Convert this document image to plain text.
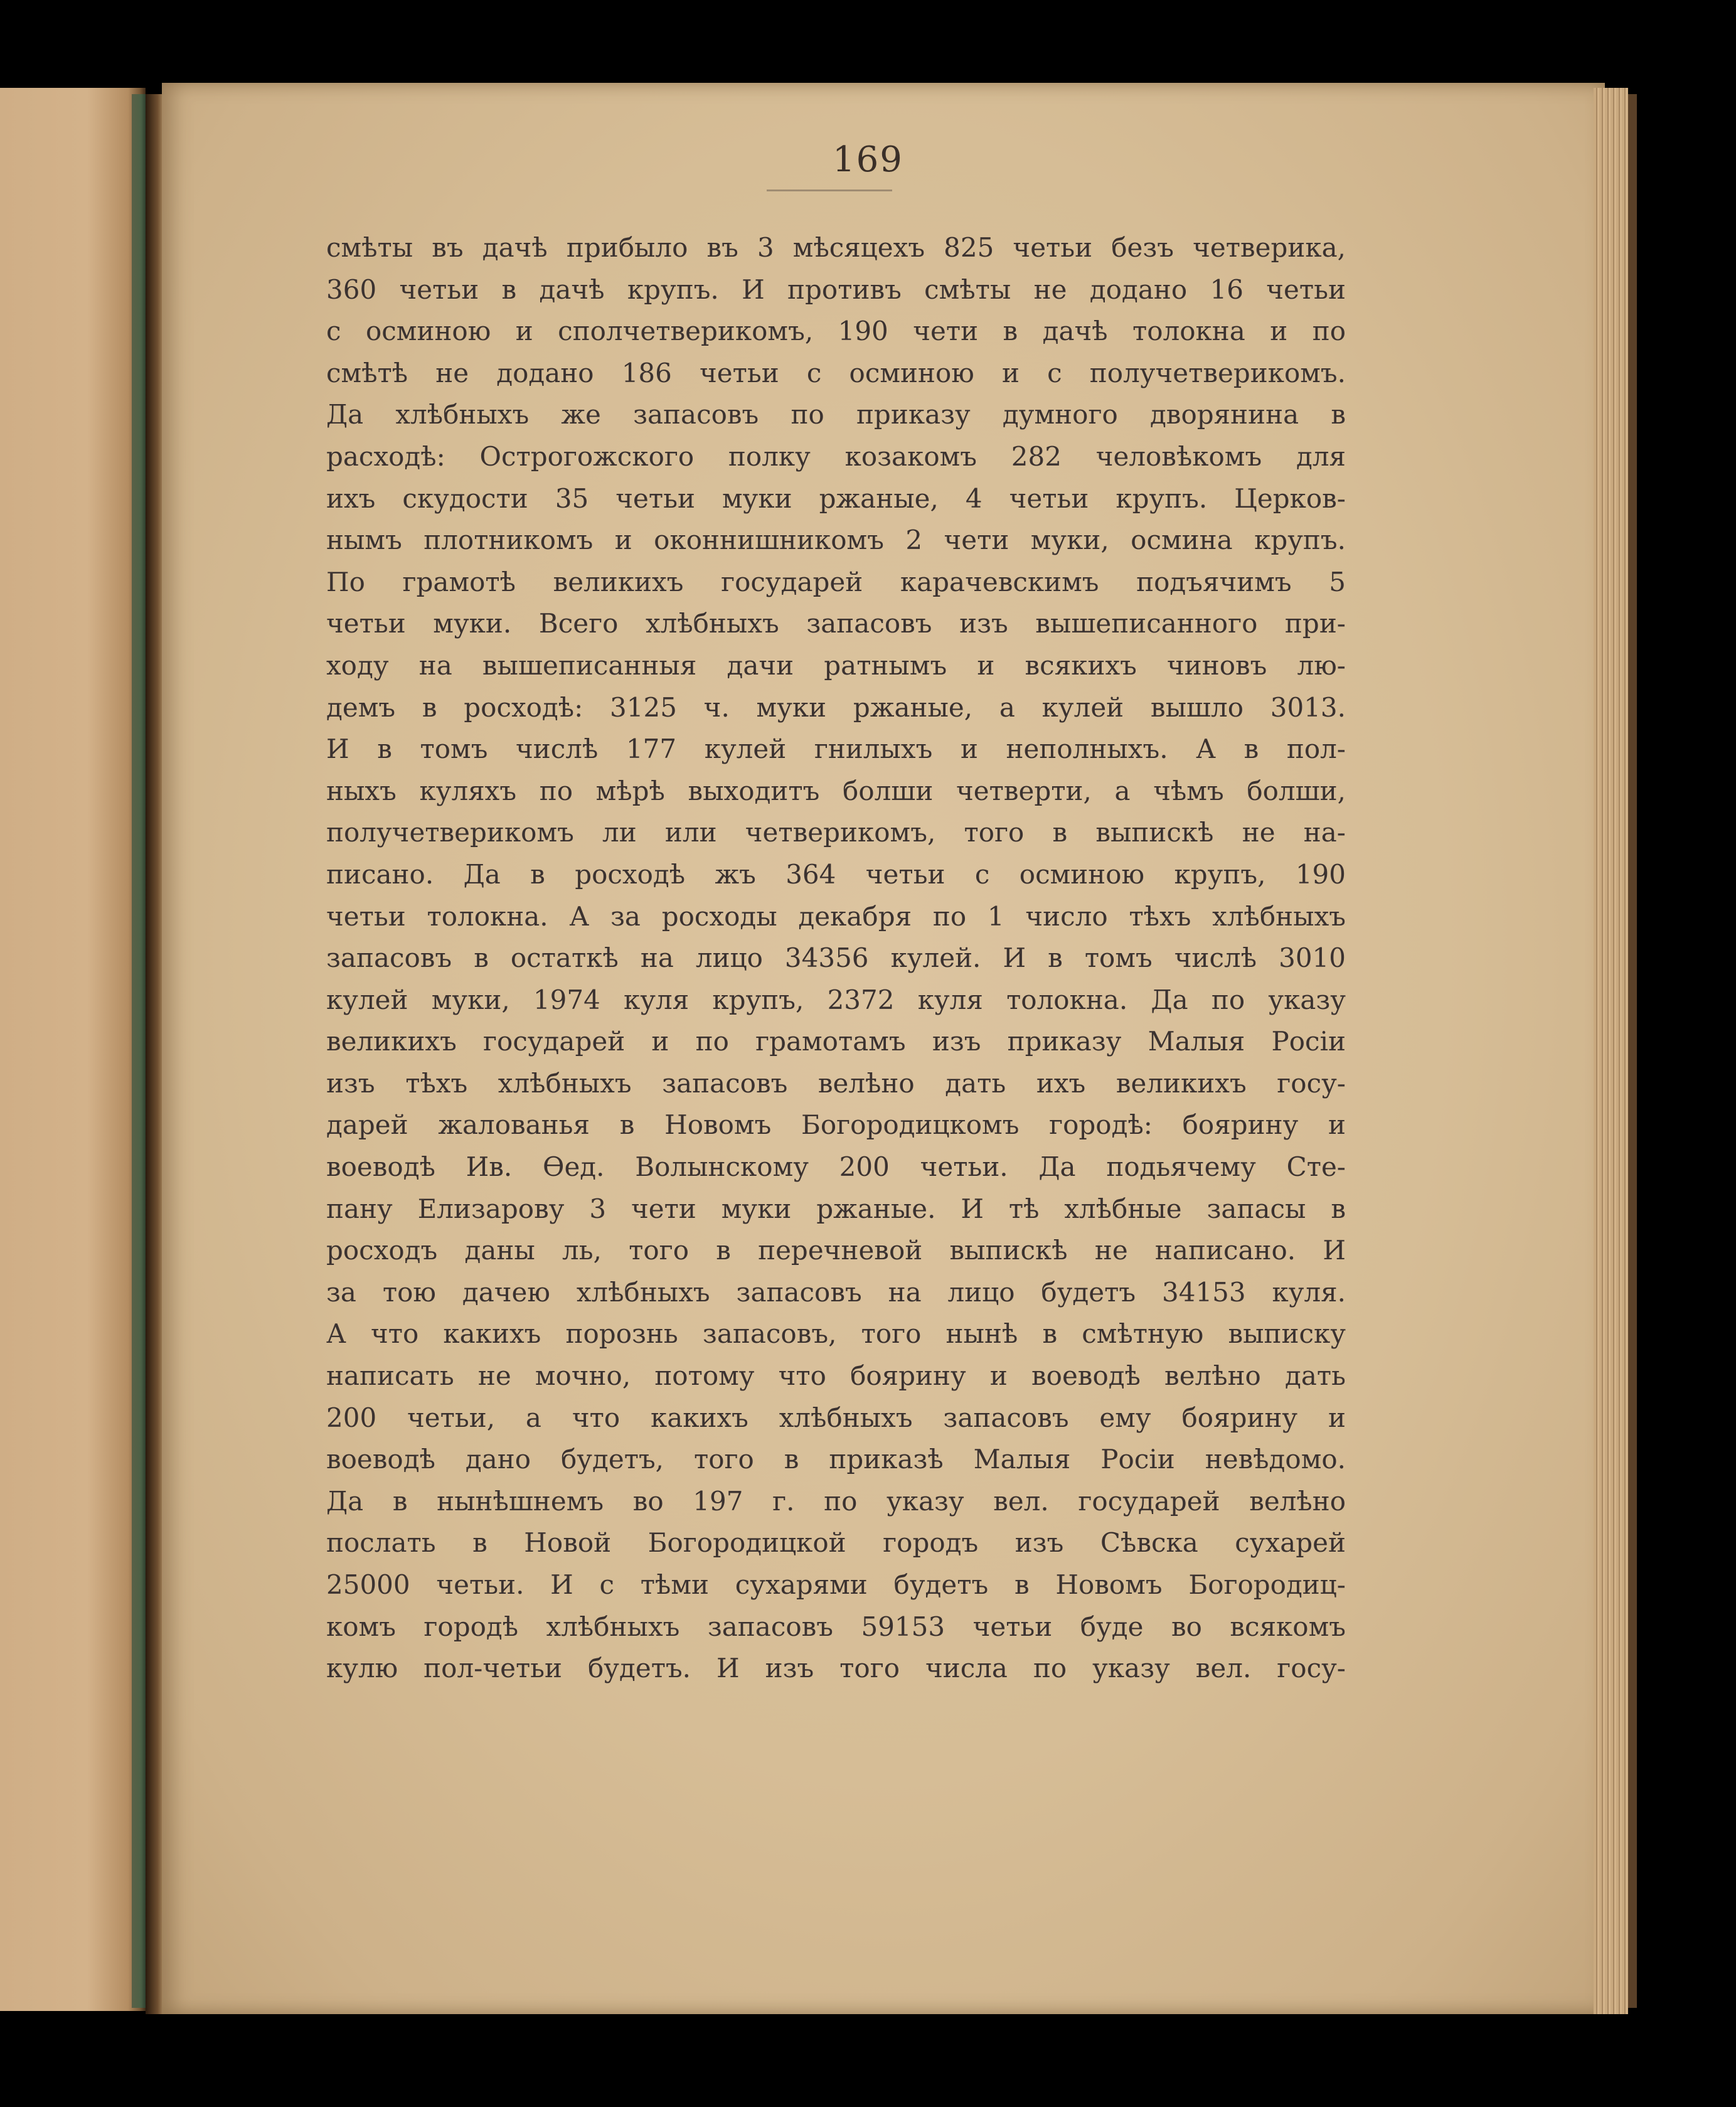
169
смѣты въ дачѣ прибыло въ 3 мѣсяцехъ 825 четьи безъ четверика,
360 четьи в дачѣ крупъ. И противъ смѣты не додано 16 четьи
с осминою и сполчетверикомъ, 190 чети в дачѣ толокна и по
смѣтѣ не додано 186 четьи с осминою и с получетверикомъ.
Да хлѣбныхъ же запасовъ по приказу думного дворянина в
расходѣ: Острогожского полку козакомъ 282 человѣкомъ для
ихъ скудости 35 четьи муки ржаные, 4 четьи крупъ. Церков-
нымъ плотникомъ и оконнишникомъ 2 чети муки, осмина крупъ.
По грамотѣ великихъ государей карачевскимъ подъячимъ 5
четьи муки. Всего хлѣбныхъ запасовъ изъ вышеписанного при-
ходу на вышеписанныя дачи ратнымъ и всякихъ чиновъ лю-
демъ в росходѣ: 3125 ч. муки ржаные, а кулей вышло 3013.
И в томъ числѣ 177 кулей гнилыхъ и неполныхъ. А в пол-
ныхъ куляхъ по мѣрѣ выходитъ болши четверти, а чѣмъ болши,
получетверикомъ ли или четверикомъ, того в выпискѣ не на-
писано. Да в росходѣ жъ 364 четьи с осминою крупъ, 190
четьи толокна. А за росходы декабря по 1 число тѣхъ хлѣбныхъ
запасовъ в остаткѣ на лицо 34356 кулей. И в томъ числѣ 3010
кулей муки, 1974 куля крупъ, 2372 куля толокна. Да по указу
великихъ государей и по грамотамъ изъ приказу Малыя Росіи
изъ тѣхъ хлѣбныхъ запасовъ велѣно дать ихъ великихъ госу-
дарей жалованья в Новомъ Богородицкомъ городѣ: боярину и
воеводѣ Ив. Ѳед. Волынскому 200 четьи. Да подьячему Сте-
пану Елизарову 3 чети муки ржаные. И тѣ хлѣбные запасы в
росходъ даны ль, того в перечневой выпискѣ не написано. И
за тою дачею хлѣбныхъ запасовъ на лицо будетъ 34153 куля.
А что какихъ порознь запасовъ, того нынѣ в смѣтную выписку
написать не мочно, потому что боярину и воеводѣ велѣно дать
200 четьи, а что какихъ хлѣбныхъ запасовъ ему боярину и
воеводѣ дано будетъ, того в приказѣ Малыя Росіи невѣдомо.
Да в нынѣшнемъ во 197 г. по указу вел. государей велѣно
послать в Новой Богородицкой городъ изъ Сѣвска сухарей
25000 четьи. И с тѣми сухарями будетъ в Новомъ Богородиц-
комъ городѣ хлѣбныхъ запасовъ 59153 четьи буде во всякомъ
кулю пол-четьи будетъ. И изъ того числа по указу вел. госу-
